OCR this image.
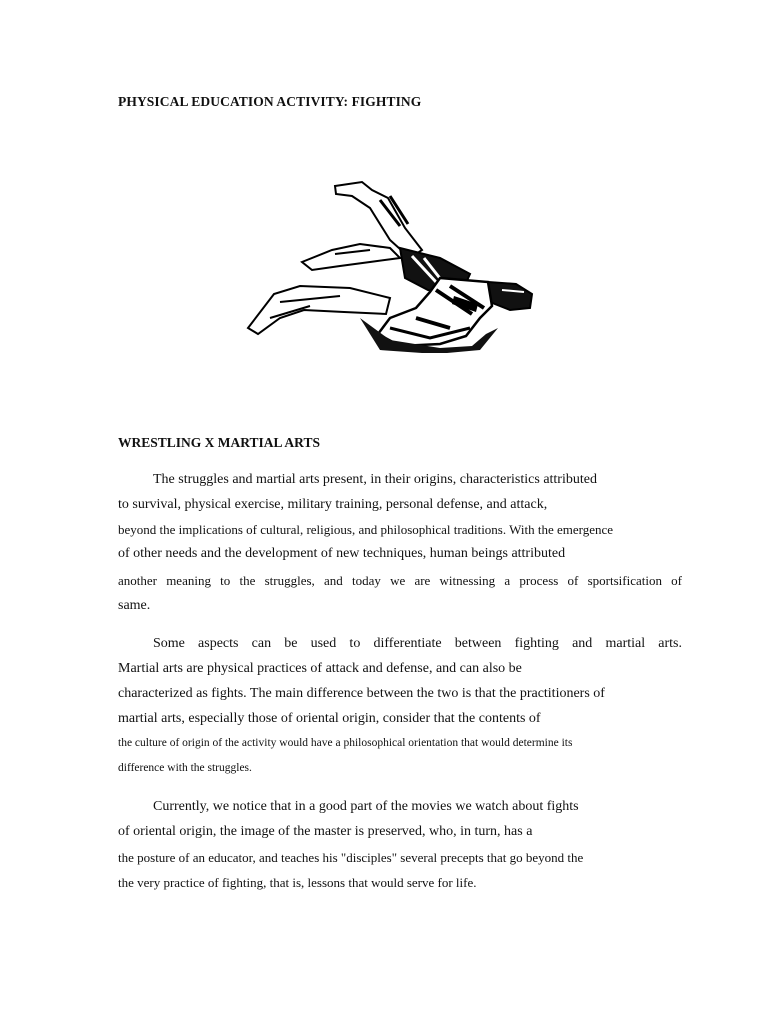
PHYSICAL EDUCATION ACTIVITY: FIGHTING
WRESTLING X MARTIAL ARTS
The struggles and martial arts present, in their origins, characteristics attributed
to survival, physical exercise, military training, personal defense, and attack,
beyond the implications of cultural, religious, and philosophical traditions. With the emergence
of other needs and the development of new techniques, human beings attributed
another meaning to the struggles, and today we are witnessing a process of sportsification of
same.
Some aspects can be used to differentiate between fighting and martial arts.
Martial arts are physical practices of attack and defense, and can also be
characterized as fights. The main difference between the two is that the practitioners of
martial arts, especially those of oriental origin, consider that the contents of
the culture of origin of the activity would have a philosophical orientation that would determine its
difference with the struggles.
Currently, we notice that in a good part of the movies we watch about fights
of oriental origin, the image of the master is preserved, who, in turn, has a
the posture of an educator, and teaches his "disciples" several precepts that go beyond the
the very practice of fighting, that is, lessons that would serve for life.
